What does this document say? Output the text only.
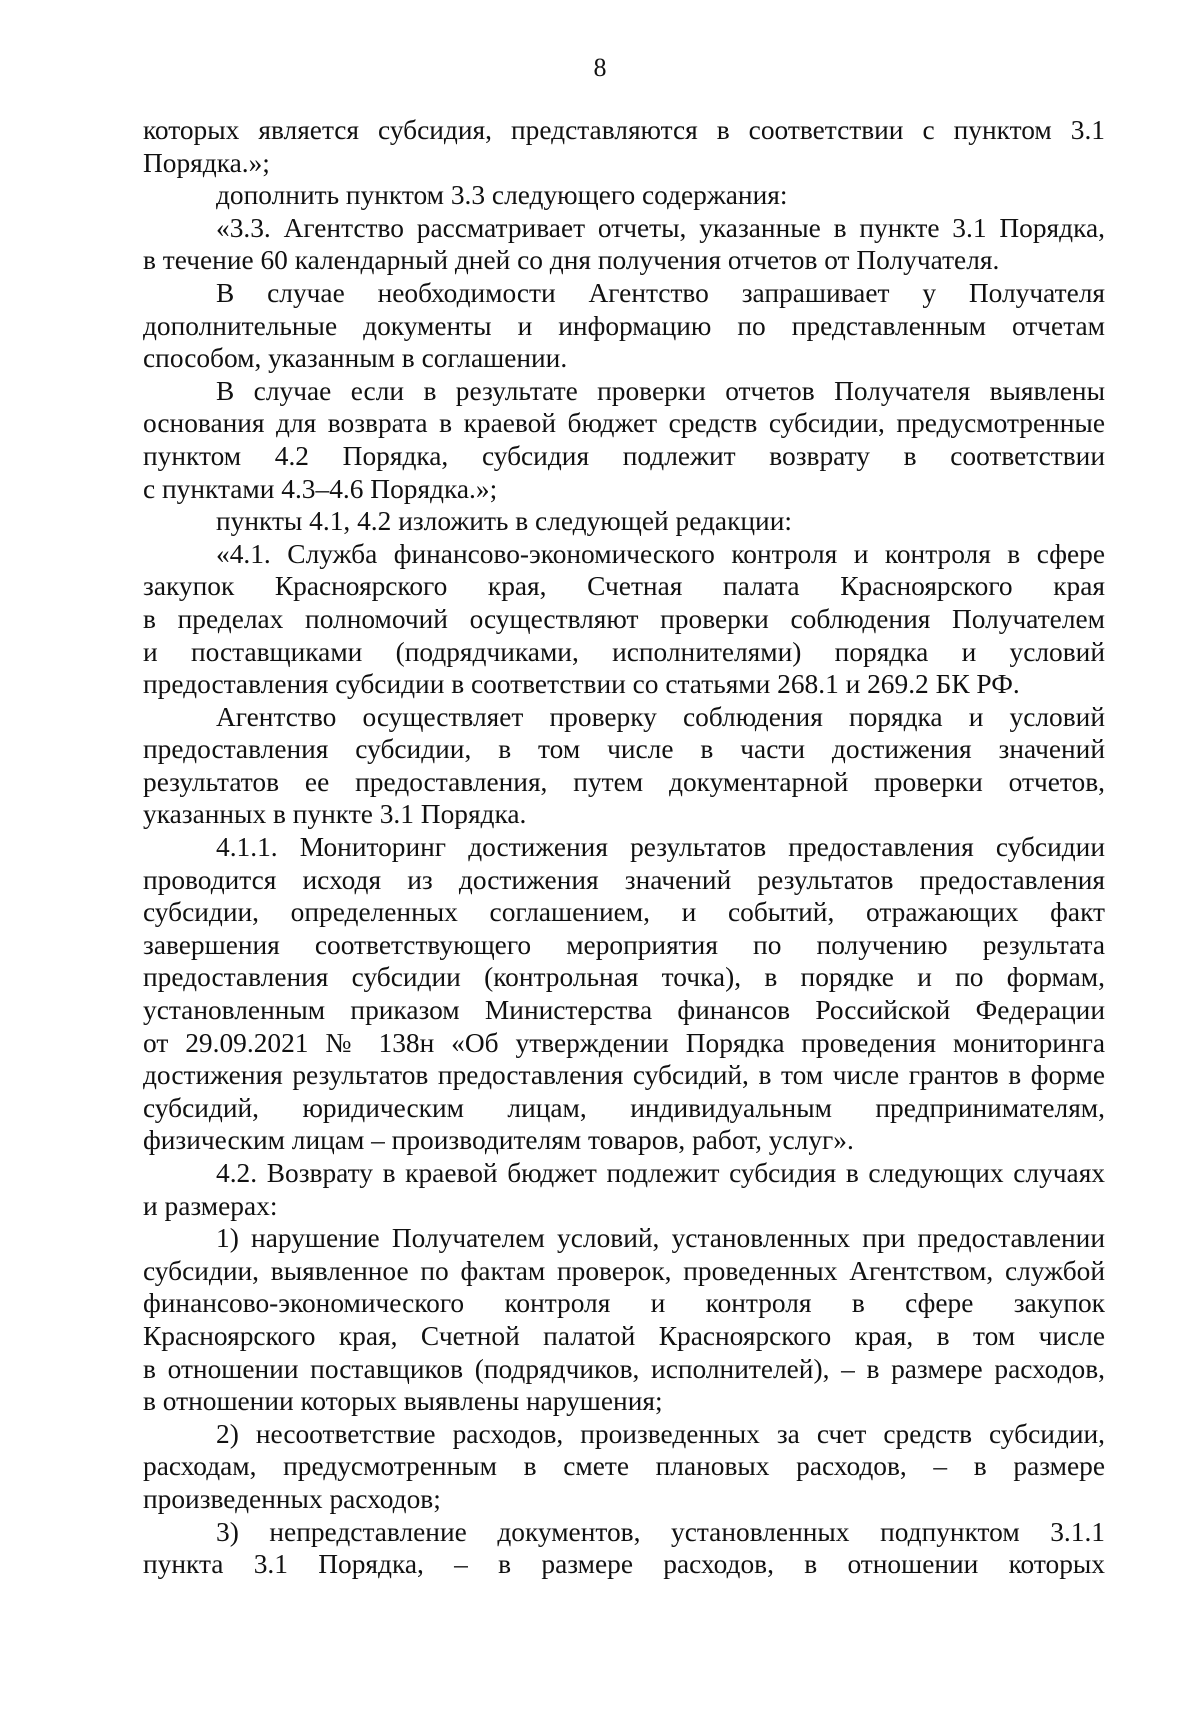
8
которых является субсидия, представляются в соответствии с пунктом 3.1
Порядка.»;
дополнить пунктом 3.3 следующего содержания:
«3.3. Агентство рассматривает отчеты, указанные в пункте 3.1 Порядка,
в течение 60 календарный дней со дня получения отчетов от Получателя.
В случае необходимости Агентство запрашивает у Получателя
дополнительные документы и информацию по представленным отчетам
способом, указанным в соглашении.
В случае если в результате проверки отчетов Получателя выявлены
основания для возврата в краевой бюджет средств субсидии, предусмотренные
пунктом 4.2 Порядка, субсидия подлежит возврату в соответствии
с пунктами 4.3–4.6 Порядка.»;
пункты 4.1, 4.2 изложить в следующей редакции:
«4.1. Служба финансово-экономического контроля и контроля в сфере
закупок Красноярского края, Счетная палата Красноярского края
в пределах полномочий осуществляют проверки соблюдения Получателем
и поставщиками (подрядчиками, исполнителями) порядка и условий
предоставления субсидии в соответствии со статьями 268.1 и 269.2 БК РФ.
Агентство осуществляет проверку соблюдения порядка и условий
предоставления субсидии, в том числе в части достижения значений
результатов ее предоставления, путем документарной проверки отчетов,
указанных в пункте 3.1 Порядка.
4.1.1. Мониторинг достижения результатов предоставления субсидии
проводится исходя из достижения значений результатов предоставления
субсидии, определенных соглашением, и событий, отражающих факт
завершения соответствующего мероприятия по получению результата
предоставления субсидии (контрольная точка), в порядке и по формам,
установленным приказом Министерства финансов Российской Федерации
от 29.09.2021 № 138н «Об утверждении Порядка проведения мониторинга
достижения результатов предоставления субсидий, в том числе грантов в форме
субсидий, юридическим лицам, индивидуальным предпринимателям,
физическим лицам – производителям товаров, работ, услуг».
4.2. Возврату в краевой бюджет подлежит субсидия в следующих случаях
и размерах:
1) нарушение Получателем условий, установленных при предоставлении
субсидии, выявленное по фактам проверок, проведенных Агентством, службой
финансово-экономического контроля и контроля в сфере закупок
Красноярского края, Счетной палатой Красноярского края, в том числе
в отношении поставщиков (подрядчиков, исполнителей), – в размере расходов,
в отношении которых выявлены нарушения;
2) несоответствие расходов, произведенных за счет средств субсидии,
расходам, предусмотренным в смете плановых расходов, – в размере
произведенных расходов;
3) непредставление документов, установленных подпунктом 3.1.1
пункта 3.1 Порядка, – в размере расходов, в отношении которых
